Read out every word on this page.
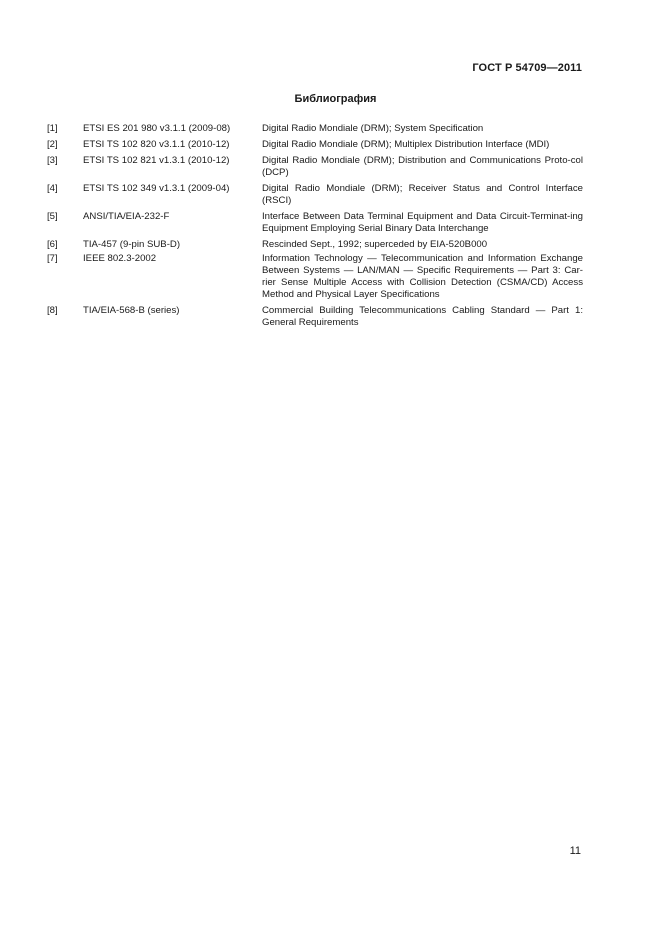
ГОСТ Р 54709—2011
Библиография
[1]	ETSI ES 201 980 v3.1.1 (2009-08)	Digital Radio Mondiale (DRM); System Specification
[2]	ETSI TS 102 820 v3.1.1 (2010-12)	Digital Radio Mondiale (DRM); Multiplex Distribution Interface (MDI)
[3]	ETSI TS 102 821 v1.3.1 (2010-12)	Digital Radio Mondiale (DRM); Distribution and Communications Proto-col (DCP)
[4]	ETSI TS 102 349 v1.3.1 (2009-04)	Digital Radio Mondiale (DRM); Receiver Status and Control Interface (RSCI)
[5]	ANSI/TIA/EIA-232-F	Interface Between Data Terminal Equipment and Data Circuit-Terminat-ing Equipment Employing Serial Binary Data Interchange
[6]	TIA-457 (9-pin SUB-D)	Rescinded Sept., 1992; superceded by EIA-520B000
[7]	IEEE 802.3-2002	Information Technology — Telecommunication and Information Exchange Between Systems — LAN/MAN — Specific Requirements — Part 3: Car-rier Sense Multiple Access with Collision Detection (CSMA/CD) Access Method and Physical Layer Specifications
[8]	TIA/EIA-568-B (series)	Commercial Building Telecommunications Cabling Standard — Part 1: General Requirements
11
